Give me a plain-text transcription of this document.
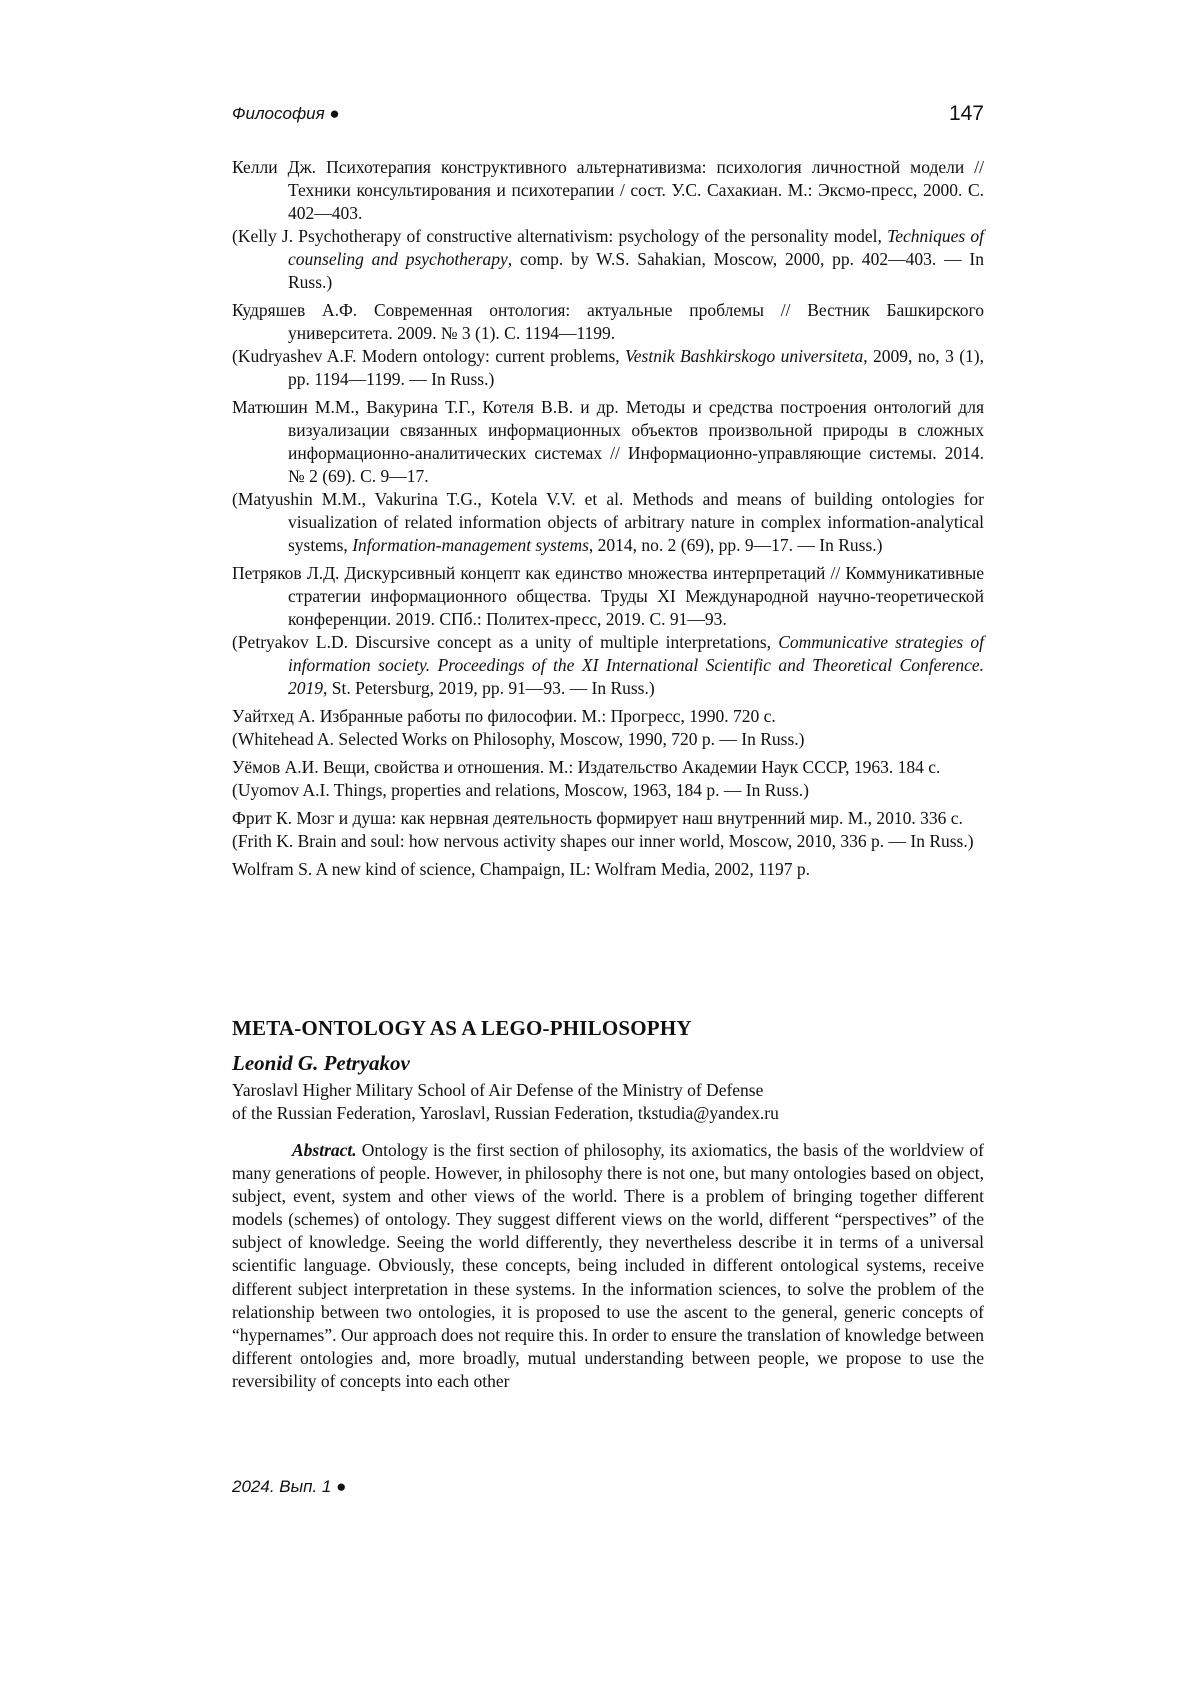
Философия ●	147

Келли Дж. Психотерапия конструктивного альтернативизма: психология личностной модели // Техники консультирования и психотерапии / сост. У.С. Сахакиан. М.: Эксмо-пресс, 2000. С. 402—403.

(Kelly J. Psychotherapy of constructive alternativism: psychology of the personality model, Techniques of counseling and psychotherapy, comp. by W.S. Sahakian, Moscow, 2000, pp. 402—403. — In Russ.)

Кудряшев А.Ф. Современная онтология: актуальные проблемы // Вестник Башкирского университета. 2009. № 3 (1). С. 1194—1199.

(Kudryashev A.F. Modern ontology: current problems, Vestnik Bashkirskogo universiteta, 2009, no, 3 (1), pp. 1194—1199. — In Russ.)

Матюшин М.М., Вакурина Т.Г., Котеля В.В. и др. Методы и средства построения онтологий для визуализации связанных информационных объектов произвольной природы в сложных информационно-аналитических системах // Информационно-управляющие системы. 2014. № 2 (69). С. 9—17.

(Matyushin M.M., Vakurina T.G., Kotela V.V. et al. Methods and means of building ontologies for visualization of related information objects of arbitrary nature in complex information-analytical systems, Information-management systems, 2014, no. 2 (69), pp. 9—17. — In Russ.)

Петряков Л.Д. Дискурсивный концепт как единство множества интерпретаций // Коммуникативные стратегии информационного общества. Труды XI Международной научно-теоретической конференции. 2019. СПб.: Политех-пресс, 2019. С. 91—93.

(Petryakov L.D. Discursive concept as a unity of multiple interpretations, Communicative strategies of information society. Proceedings of the XI International Scientific and Theoretical Conference. 2019, St. Petersburg, 2019, pp. 91—93. — In Russ.)

Уайтхед А. Избранные работы по философии. М.: Прогресс, 1990. 720 с.

(Whitehead A. Selected Works on Philosophy, Moscow, 1990, 720 p. — In Russ.)

Уёмов А.И. Вещи, свойства и отношения. М.: Издательство Академии Наук СССР, 1963. 184 с.

(Uyomov A.I. Things, properties and relations, Moscow, 1963, 184 p. — In Russ.)

Фрит К. Мозг и душа: как нервная деятельность формирует наш внутренний мир. М., 2010. 336 с.

(Frith K. Brain and soul: how nervous activity shapes our inner world, Moscow, 2010, 336 p. — In Russ.)

Wolfram S. A new kind of science, Champaign, IL: Wolfram Media, 2002, 1197 p.

META-ONTOLOGY AS A LEGO-PHILOSOPHY
Leonid G. Petryakov

Yaroslavl Higher Military School of Air Defense of the Ministry of Defense

of the Russian Federation, Yaroslavl, Russian Federation, tkstudia@yandex.ru

Abstract. Ontology is the first section of philosophy, its axiomatics, the basis of the worldview of many generations of people. However, in philosophy there is not one, but many ontologies based on object, subject, event, system and other views of the world. There is a problem of bringing together different models (schemes) of ontology. They suggest different views on the world, different “perspectives” of the subject of knowledge. Seeing the world differently, they nevertheless describe it in terms of a universal scientific language. Obviously, these concepts, being included in different ontological systems, receive different subject interpretation in these systems. In the information sciences, to solve the problem of the relationship between two ontologies, it is proposed to use the ascent to the general, generic concepts of “hypernames”. Our approach does not require this. In order to ensure the translation of knowledge between different ontologies and, more broadly, mutual understanding between people, we propose to use the reversibility of concepts into each other

2024. Вып. 1 ●
